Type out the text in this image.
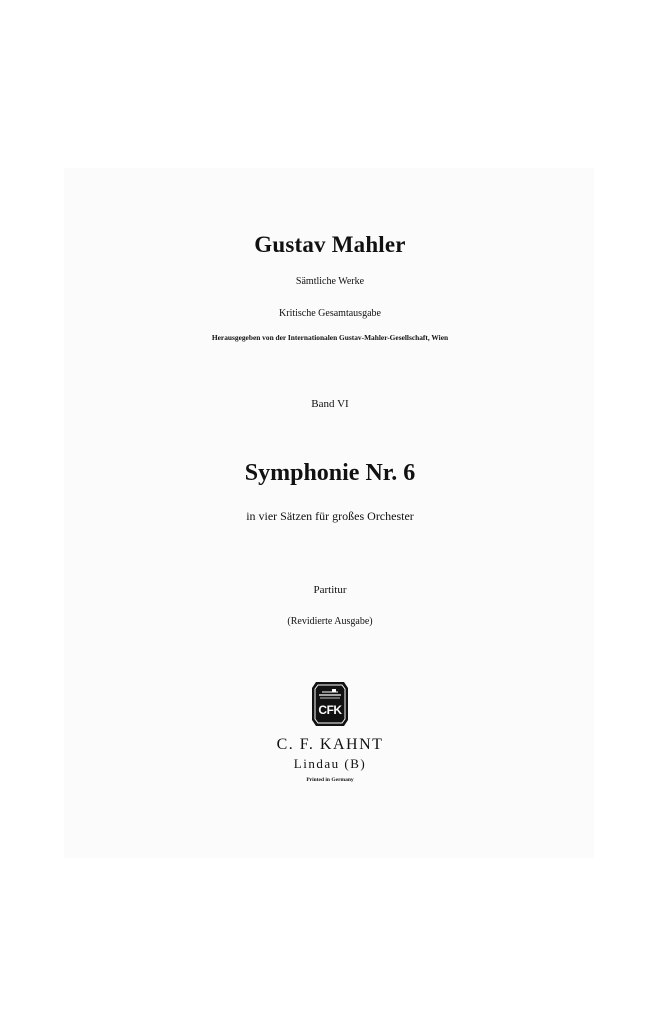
Gustav Mahler
Sämtliche Werke
Kritische Gesamtausgabe
Herausgegeben von der Internationalen Gustav-Mahler-Gesellschaft, Wien
Band VI
Symphonie Nr. 6
in vier Sätzen für großes Orchester
Partitur
(Revidierte Ausgabe)
CFK
C. F. KAHNT
Lindau (B)
Printed in Germany
